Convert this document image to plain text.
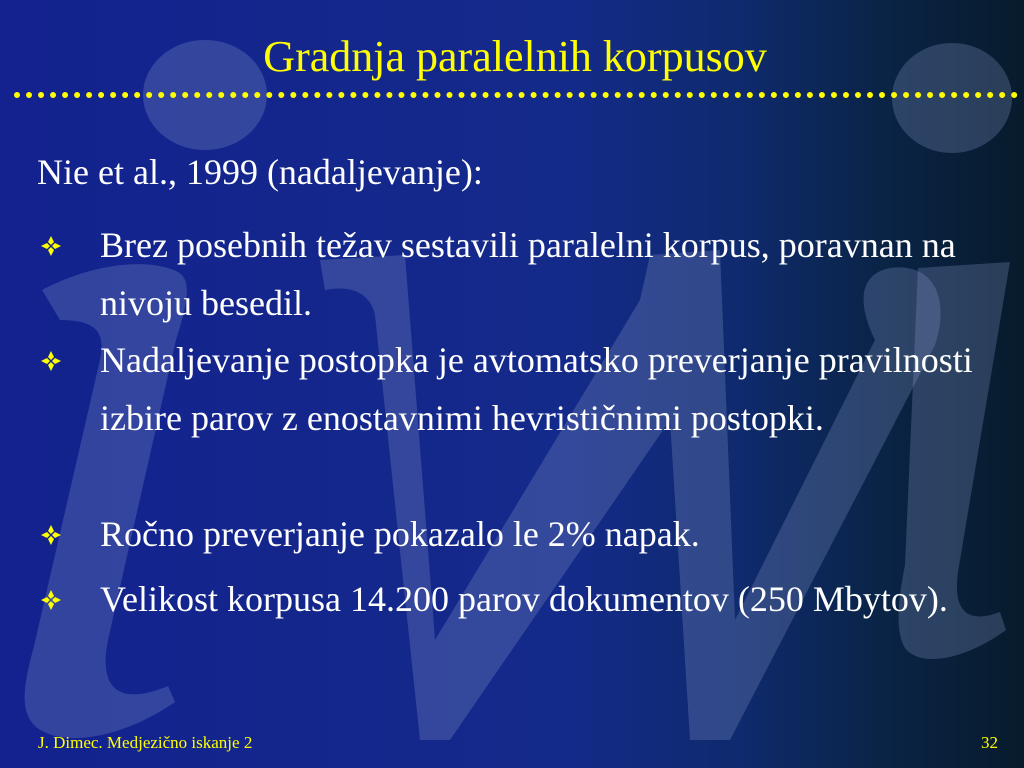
Gradnja paralelnih korpusov
Nie et al., 1999 (nadaljevanje):
Brez posebnih težav sestavili paralelni korpus, poravnan na nivoju besedil.
Nadaljevanje postopka je avtomatsko preverjanje pravilnosti izbire parov z enostavnimi hevrističnimi postopki.
Ročno preverjanje pokazalo le 2% napak.
Velikost korpusa 14.200 parov dokumentov (250 Mbytov).
J. Dimec. Medjezično iskanje 2	32
